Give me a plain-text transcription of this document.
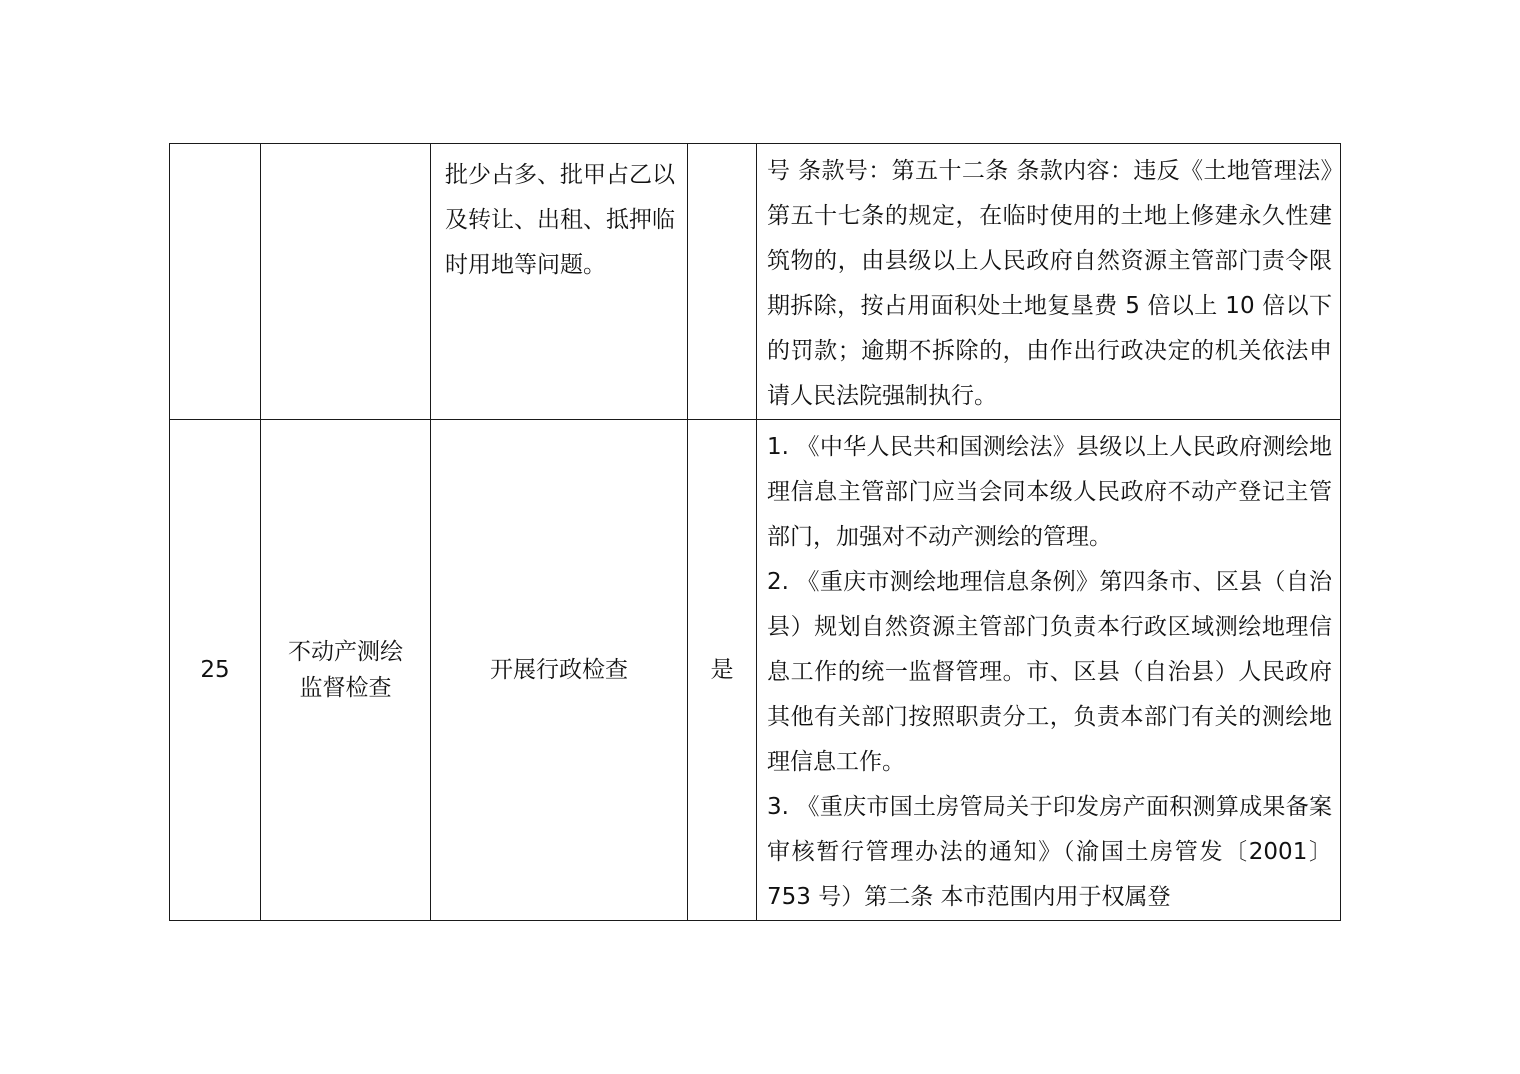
		批少占多、批甲占乙以及转让、出租、抵押临时用地等问题。		号 条款号：第五十二条 条款内容：违反《土地管理法》第五十七条的规定，在临时使用的土地上修建永久性建筑物的，由县级以上人民政府自然资源主管部门责令限期拆除，按占用面积处土地复垦费 5 倍以上 10 倍以下的罚款；逾期不拆除的，由作出行政决定的机关依法申请人民法院强制执行。

25	不动产测绘监督检查	开展行政检查	是	1. 《中华人民共和国测绘法》县级以上人民政府测绘地理信息主管部门应当会同本级人民政府不动产登记主管部门，加强对不动产测绘的管理。
2. 《重庆市测绘地理信息条例》第四条市、区县（自治县）规划自然资源主管部门负责本行政区域测绘地理信息工作的统一监督管理。市、区县（自治县）人民政府其他有关部门按照职责分工，负责本部门有关的测绘地理信息工作。
3. 《重庆市国土房管局关于印发房产面积测算成果备案审核暂行管理办法的通知》（渝国土房管发〔2001〕753 号）第二条 本市范围内用于权属登
